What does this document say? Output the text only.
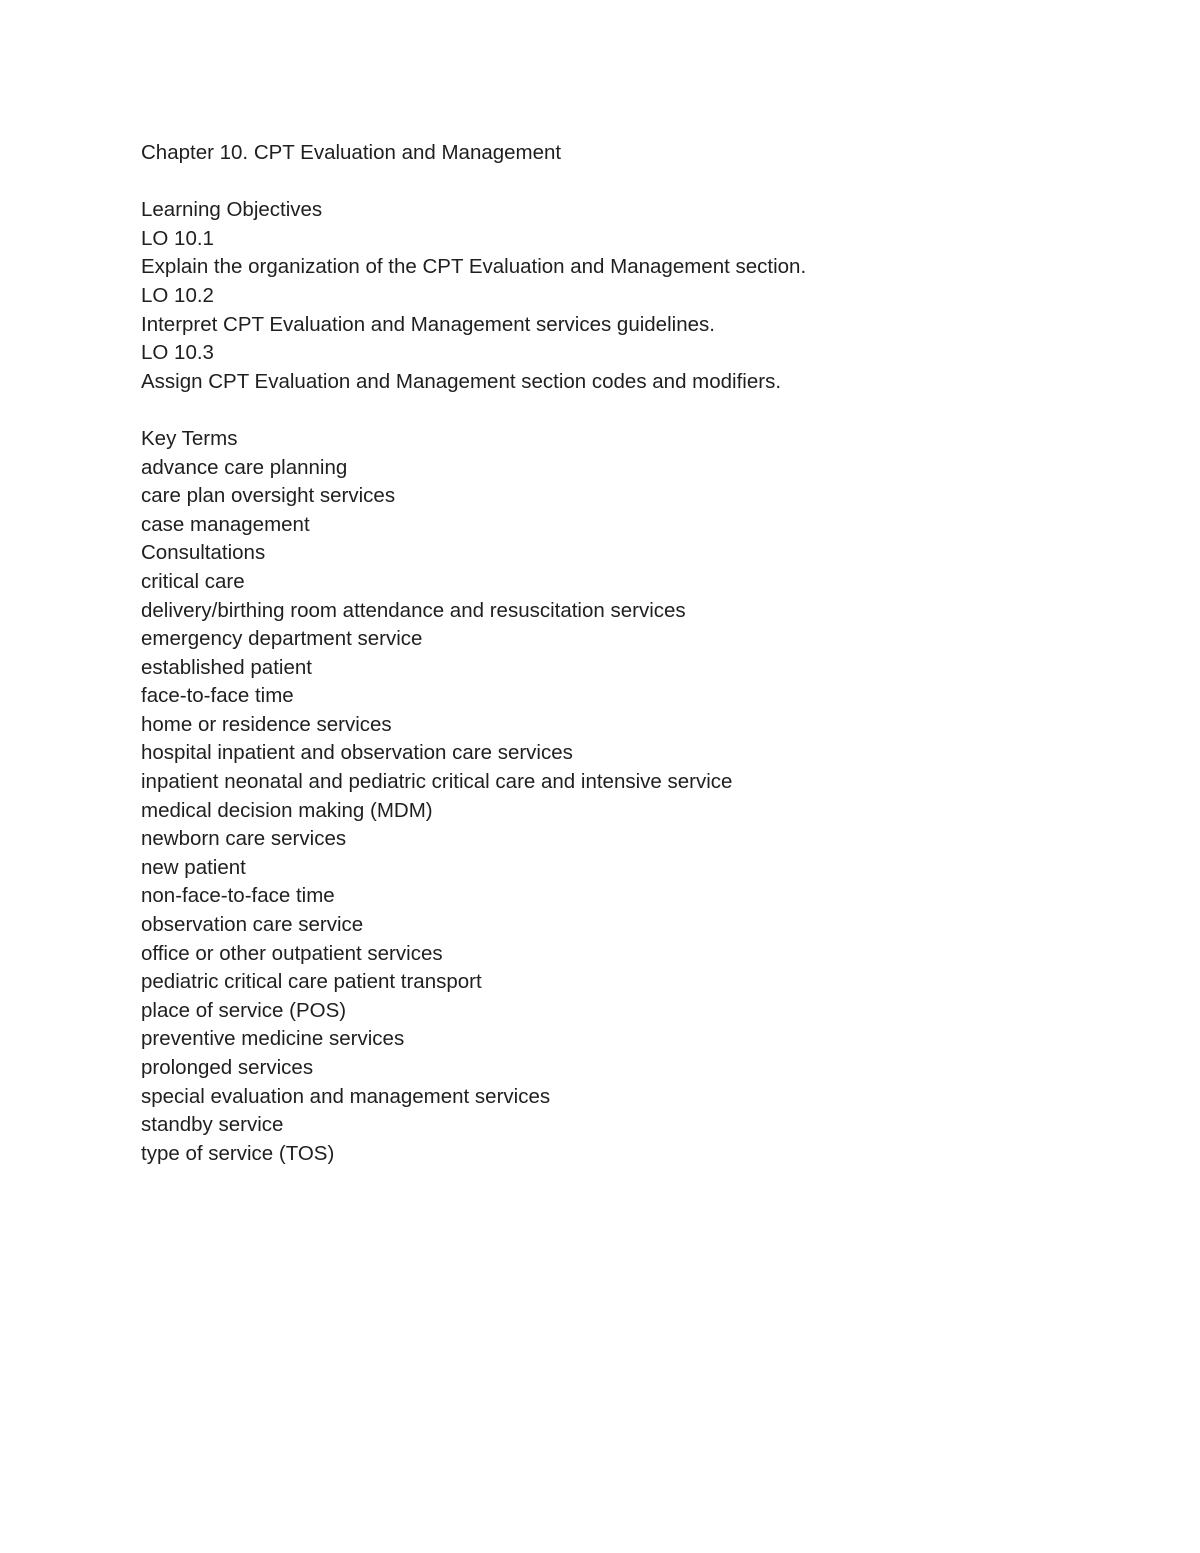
Chapter 10. CPT Evaluation and Management
Learning Objectives
LO 10.1
Explain the organization of the CPT Evaluation and Management section.
LO 10.2
Interpret CPT Evaluation and Management services guidelines.
LO 10.3
Assign CPT Evaluation and Management section codes and modifiers.
Key Terms
advance care planning
care plan oversight services
case management
Consultations
critical care
delivery/birthing room attendance and resuscitation services
emergency department service
established patient
face-to-face time
home or residence services
hospital inpatient and observation care services
inpatient neonatal and pediatric critical care and intensive service
medical decision making (MDM)
newborn care services
new patient
non-face-to-face time
observation care service
office or other outpatient services
pediatric critical care patient transport
place of service (POS)
preventive medicine services
prolonged services
special evaluation and management services
standby service
type of service (TOS)
